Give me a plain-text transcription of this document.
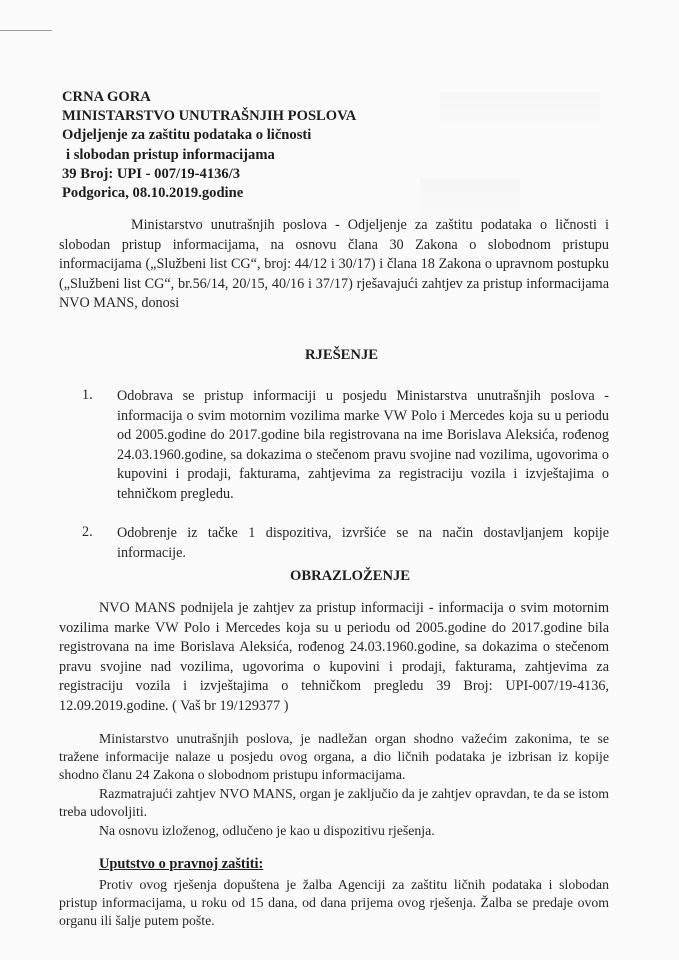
CRNA GORA
MINISTARSTVO UNUTRAŠNJIH POSLOVA
Odjeljenje za zaštitu podataka o ličnosti
i slobodan pristup informacijama
39 Broj: UPI - 007/19-4136/3
Podgorica, 08.10.2019.godine
Ministarstvo unutrašnjih poslova - Odjeljenje za zaštitu podataka o ličnosti i slobodan pristup informacijama, na osnovu člana 30 Zakona o slobodnom pristupu informacijama („Službeni list CG“, broj: 44/12 i 30/17) i člana 18 Zakona o upravnom postupku („Službeni list CG“, br.56/14, 20/15, 40/16 i 37/17) rješavajući zahtjev za pristup informacijama NVO MANS, donosi
RJEŠENJE
1. Odobrava se pristup informaciji u posjedu Ministarstva unutrašnjih poslova - informacija o svim motornim vozilima marke VW Polo i Mercedes koja su u periodu od 2005.godine do 2017.godine bila registrovana na ime Borislava Aleksića, rođenog 24.03.1960.godine, sa dokazima o stečenom pravu svojine nad vozilima, ugovorima o kupovini i prodaji, fakturama, zahtjevima za registraciju vozila i izvještajima o tehničkom pregledu.
2. Odobrenje iz tačke 1 dispozitiva, izvršiće se na način dostavljanjem kopije informacije.
OBRAZLOŽENJE
NVO MANS podnijela je zahtjev za pristup informaciji - informacija o svim motornim vozilima marke VW Polo i Mercedes koja su u periodu od 2005.godine do 2017.godine bila registrovana na ime Borislava Aleksića, rođenog 24.03.1960.godine, sa dokazima o stečenom pravu svojine nad vozilima, ugovorima o kupovini i prodaji, fakturama, zahtjevima za registraciju vozila i izvještajima o tehničkom pregledu 39 Broj: UPI-007/19-4136, 12.09.2019.godine. ( Vaš br 19/129377 )
Ministarstvo unutrašnjih poslova, je nadležan organ shodno važećim zakonima, te se tražene informacije nalaze u posjedu ovog organa, a dio ličnih podataka je izbrisan iz kopije shodno članu 24 Zakona o slobodnom pristupu informacijama.
Razmatrajući zahtjev NVO MANS, organ je zaključio da je zahtjev opravdan, te da se istom treba udovoljiti.
Na osnovu izloženog, odlučeno je kao u dispozitivu rješenja.
Uputstvo o pravnoj zaštiti:
Protiv ovog rješenja dopuštena je žalba Agenciji za zaštitu ličnih podataka i slobodan pristup informacijama, u roku od 15 dana, od dana prijema ovog rješenja. Žalba se predaje ovom organu ili šalje putem pošte.
